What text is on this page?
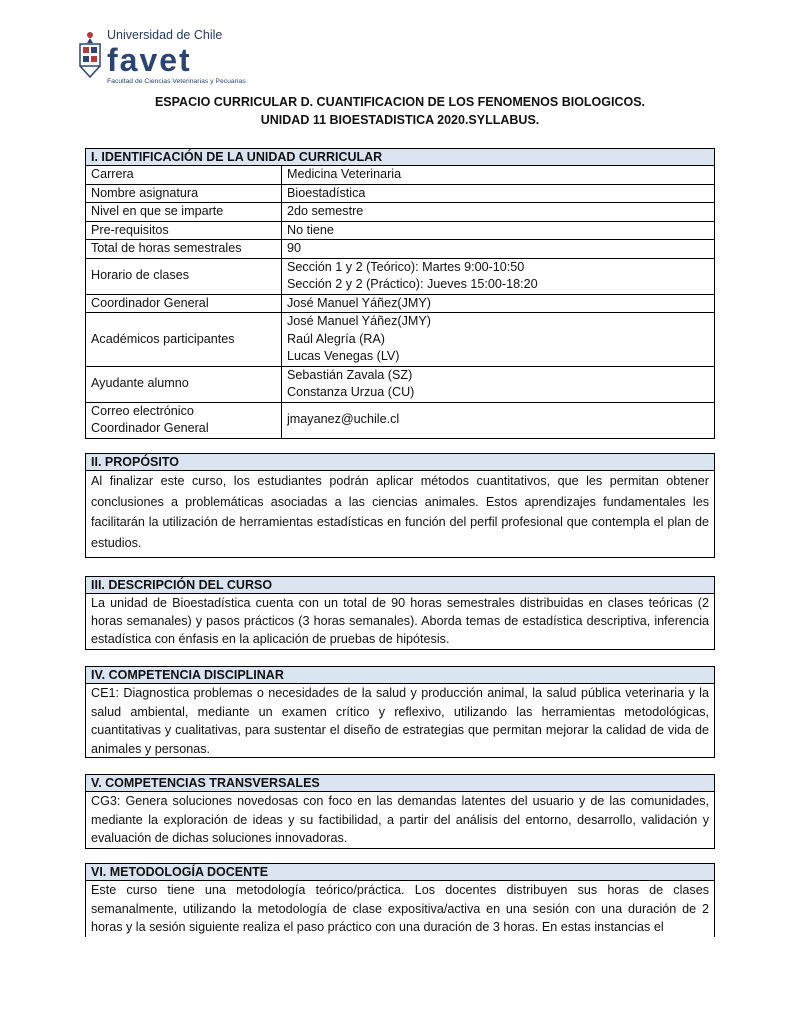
Universidad de Chile
favet
Facultad de Ciencias Veterinarias y Pecuarias
ESPACIO CURRICULAR D. CUANTIFICACION DE LOS FENOMENOS BIOLOGICOS.
UNIDAD 11 BIOESTADISTICA 2020.SYLLABUS.
I. IDENTIFICACIÓN DE LA UNIDAD CURRICULAR
Carrera	Medicina Veterinaria

Nombre asignatura	Bioestadística

Nivel en que se imparte	2do semestre

Pre-requisitos	No tiene

Total de horas semestrales	90

Horario de clases	Sección 1 y 2 (Teórico): Martes 9:00-10:50
Sección 2 y 2 (Práctico): Jueves 15:00-18:20

Coordinador General	José Manuel Yáñez(JMY)

Académicos participantes	José Manuel Yáñez(JMY)
Raúl Alegría (RA)
Lucas Venegas (LV)

Ayudante alumno	Sebastián Zavala (SZ)
Constanza Urzua (CU)

Correo electrónico
Coordinador General	jmayanez@uchile.cl
II. PROPÓSITO
Al finalizar este curso, los estudiantes podrán aplicar métodos cuantitativos, que les permitan obtener conclusiones a problemáticas asociadas a las ciencias animales. Estos aprendizajes fundamentales les facilitarán la utilización de herramientas estadísticas en función del perfil profesional que contempla el plan de estudios.
III. DESCRIPCIÓN DEL CURSO
La unidad de Bioestadística cuenta con un total de 90 horas semestrales distribuidas en clases teóricas (2 horas semanales) y pasos prácticos (3 horas semanales). Aborda temas de estadística descriptiva, inferencia estadística con énfasis en la aplicación de pruebas de hipótesis.
IV. COMPETENCIA DISCIPLINAR
CE1: Diagnostica problemas o necesidades de la salud y producción animal, la salud pública veterinaria y la salud ambiental, mediante un examen crítico y reflexivo, utilizando las herramientas metodológicas, cuantitativas y cualitativas, para sustentar el diseño de estrategias que permitan mejorar la calidad de vida de animales y personas.
V. COMPETENCIAS TRANSVERSALES
CG3: Genera soluciones novedosas con foco en las demandas latentes del usuario y de las comunidades, mediante la exploración de ideas y su factibilidad, a partir del análisis del entorno, desarrollo, validación y evaluación de dichas soluciones innovadoras.
VI. METODOLOGÍA DOCENTE
Este curso tiene una metodología teórico/práctica. Los docentes distribuyen sus horas de clases semanalmente, utilizando la metodología de clase expositiva/activa en una sesión con una duración de 2 horas y la sesión siguiente realiza el paso práctico con una duración de 3 horas. En estas instancias el
